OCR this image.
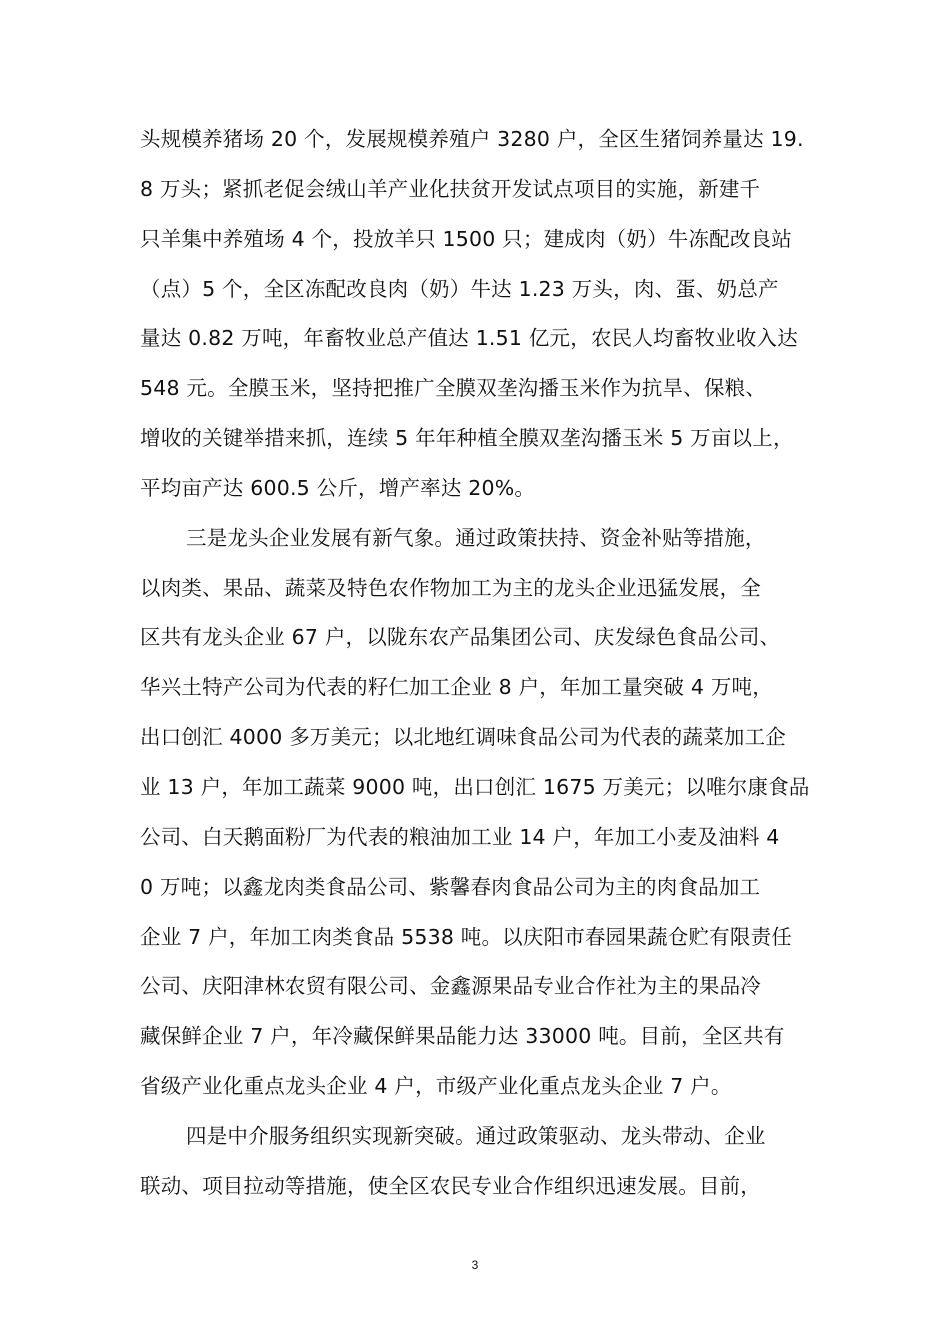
头规模养猪场 20 个，发展规模养殖户 3280 户，全区生猪饲养量达 19.
8 万头；紧抓老促会绒山羊产业化扶贫开发试点项目的实施，新建千
只羊集中养殖场 4 个，投放羊只 1500 只；建成肉（奶）牛冻配改良站
（点）5 个，全区冻配改良肉（奶）牛达 1.23 万头，肉、蛋、奶总产
量达 0.82 万吨，年畜牧业总产值达 1.51 亿元，农民人均畜牧业收入达
548 元。全膜玉米，坚持把推广全膜双垄沟播玉米作为抗旱、保粮、
增收的关键举措来抓，连续 5 年年种植全膜双垄沟播玉米 5 万亩以上，
平均亩产达 600.5 公斤，增产率达 20%。
三是龙头企业发展有新气象。通过政策扶持、资金补贴等措施，
以肉类、果品、蔬菜及特色农作物加工为主的龙头企业迅猛发展，全
区共有龙头企业 67 户，以陇东农产品集团公司、庆发绿色食品公司、
华兴土特产公司为代表的籽仁加工企业 8 户，年加工量突破 4 万吨，
出口创汇 4000 多万美元；以北地红调味食品公司为代表的蔬菜加工企
业 13 户，年加工蔬菜 9000 吨，出口创汇 1675 万美元；以唯尔康食品
公司、白天鹅面粉厂为代表的粮油加工业 14 户，年加工小麦及油料 4
0 万吨；以鑫龙肉类食品公司、紫馨春肉食品公司为主的肉食品加工
企业 7 户，年加工肉类食品 5538 吨。以庆阳市春园果蔬仓贮有限责任
公司、庆阳津林农贸有限公司、金鑫源果品专业合作社为主的果品冷
藏保鲜企业 7 户，年冷藏保鲜果品能力达 33000 吨。目前，全区共有
省级产业化重点龙头企业 4 户，市级产业化重点龙头企业 7 户。
四是中介服务组织实现新突破。通过政策驱动、龙头带动、企业
联动、项目拉动等措施，使全区农民专业合作组织迅速发展。目前，
3
